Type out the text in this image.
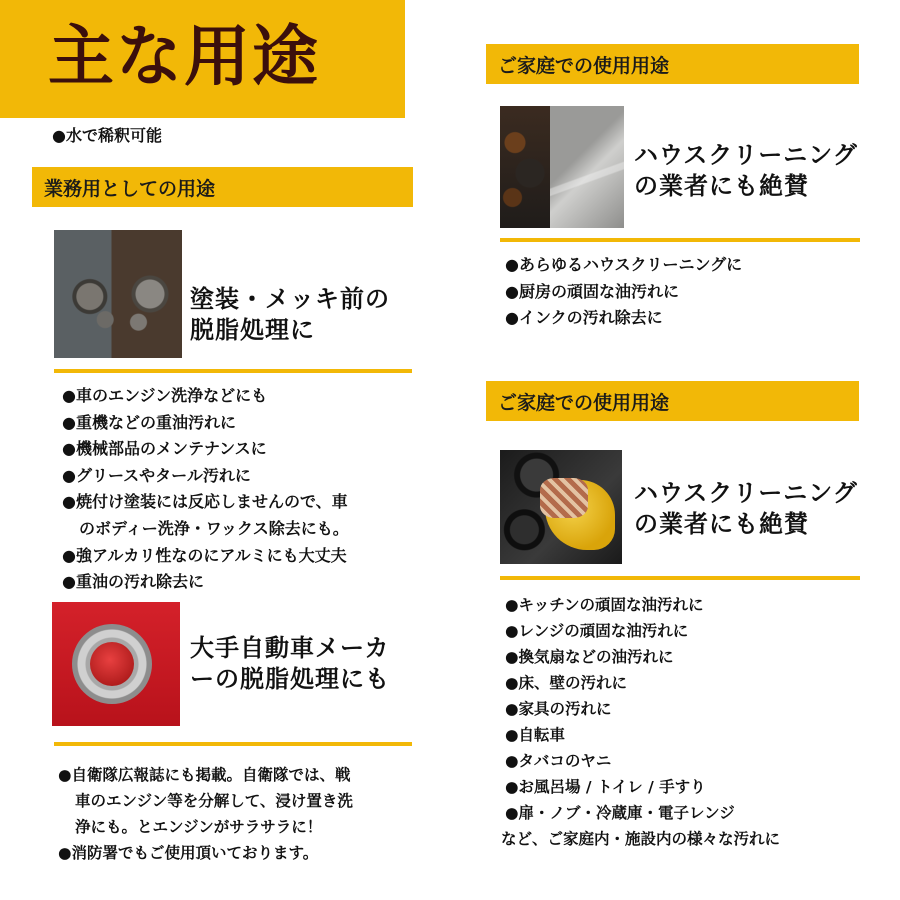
主な用途
●水で稀釈可能
業務用としての用途
塗装・メッキ前の
脱脂処理に
●車のエンジン洗浄などにも
●重機などの重油汚れに
●機械部品のメンテナンスに
●グリースやタール汚れに
●焼付け塗装には反応しませんので、車
のボディー洗浄・ワックス除去にも。
●強アルカリ性なのにアルミにも大丈夫
●重油の汚れ除去に
大手自動車メーカ
ーの脱脂処理にも
●自衛隊広報誌にも掲載。自衛隊では、戦
車のエンジン等を分解して、浸け置き洗
浄にも。とエンジンがサラサラに！
●消防署でもご使用頂いております。
ご家庭での使用用途
ハウスクリーニング
の業者にも絶賛
●あらゆるハウスクリーニングに
●厨房の頑固な油汚れに
●インクの汚れ除去に
ご家庭での使用用途
ハウスクリーニング
の業者にも絶賛
●キッチンの頑固な油汚れに
●レンジの頑固な油汚れに
●換気扇などの油汚れに
●床、壁の汚れに
●家具の汚れに
●自転車
●タバコのヤニ
●お風呂場 / トイレ / 手すり
●扉・ノブ・冷蔵庫・電子レンジ
など、ご家庭内・施設内の様々な汚れに
